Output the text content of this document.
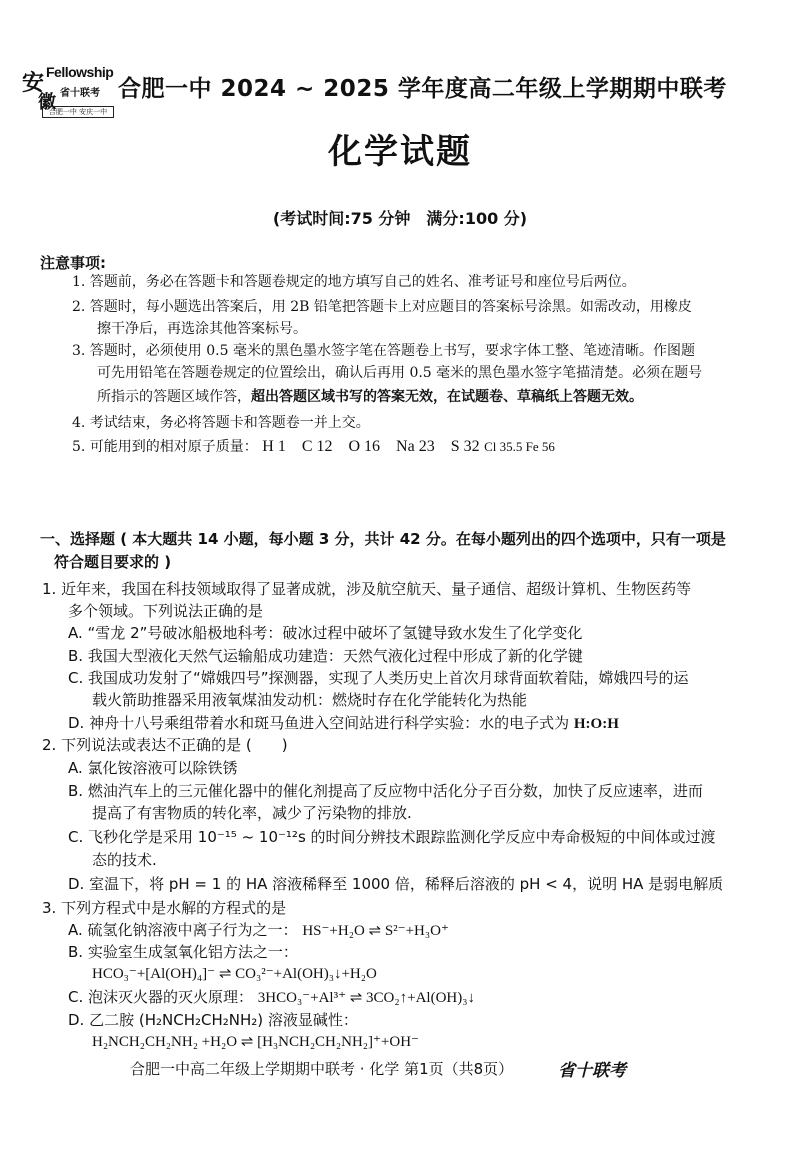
安
徽
Fellowship
省十联考
合肥一中 安庆一中
合肥一中 2024 ~ 2025 学年度高二年级上学期期中联考
化学试题
(考试时间:75 分钟　满分:100 分)
注意事项:
1. 答题前，务必在答题卡和答题卷规定的地方填写自己的姓名、准考证号和座位号后两位。
2. 答题时，每小题选出答案后，用 2B 铅笔把答题卡上对应题目的答案标号涂黑。如需改动，用橡皮
擦干净后，再选涂其他答案标号。
3. 答题时，必须使用 0.5 毫米的黑色墨水签字笔在答题卷上书写，要求字体工整、笔迹清晰。作图题
可先用铅笔在答题卷规定的位置绘出，确认后再用 0.5 毫米的黑色墨水签字笔描清楚。必须在题号
所指示的答题区域作答，超出答题区域书写的答案无效，在试题卷、草稿纸上答题无效。
4. 考试结束，务必将答题卡和答题卷一并上交。
5. 可能用到的相对原子质量： H 1　C 12　O 16　Na 23　S 32 Cl 35.5 Fe 56
一、选择题 ( 本大题共 14 小题，每小题 3 分，共计 42 分。在每小题列出的四个选项中，只有一项是
符合题目要求的 )
1. 近年来，我国在科技领域取得了显著成就，涉及航空航天、量子通信、超级计算机、生物医药等
多个领域。下列说法正确的是
A. “雪龙 2”号破冰船极地科考：破冰过程中破坏了氢键导致水发生了化学变化
B. 我国大型液化天然气运输船成功建造：天然气液化过程中形成了新的化学键
C. 我国成功发射了“嫦娥四号”探测器，实现了人类历史上首次月球背面软着陆，嫦娥四号的运
载火箭助推器采用液氧煤油发动机：燃烧时存在化学能转化为热能
D. 神舟十八号乘组带着水和斑马鱼进入空间站进行科学实验：水的电子式为 H:O:H
2. 下列说法或表达不正确的是 (　　)
A. 氯化铵溶液可以除铁锈
B. 燃油汽车上的三元催化器中的催化剂提高了反应物中活化分子百分数，加快了反应速率，进而
提高了有害物质的转化率，减少了污染物的排放.
C. 飞秒化学是采用 10⁻¹⁵ ~ 10⁻¹²s 的时间分辨技术跟踪监测化学反应中寿命极短的中间体或过渡
态的技术.
D. 室温下，将 pH = 1 的 HA 溶液稀释至 1000 倍，稀释后溶液的 pH < 4，说明 HA 是弱电解质
3. 下列方程式中是水解的方程式的是
A. 硫氢化钠溶液中离子行为之一： HS⁻+H₂O ⇌ S²⁻+H₃O⁺
B. 实验室生成氢氧化铝方法之一：
HCO₃⁻+[Al(OH)₄]⁻ ⇌ CO₃²⁻+Al(OH)₃↓+H₂O
C. 泡沫灭火器的灭火原理： 3HCO₃⁻+Al³⁺ ⇌ 3CO₂↑+Al(OH)₃↓
D. 乙二胺 (H₂NCH₂CH₂NH₂) 溶液显碱性：
H₂NCH₂CH₂NH₂ +H₂O ⇌ [H₃NCH₂CH₂NH₂]⁺+OH⁻
合肥一中高二年级上学期期中联考 · 化学 第1页（共8页）	省十联考
